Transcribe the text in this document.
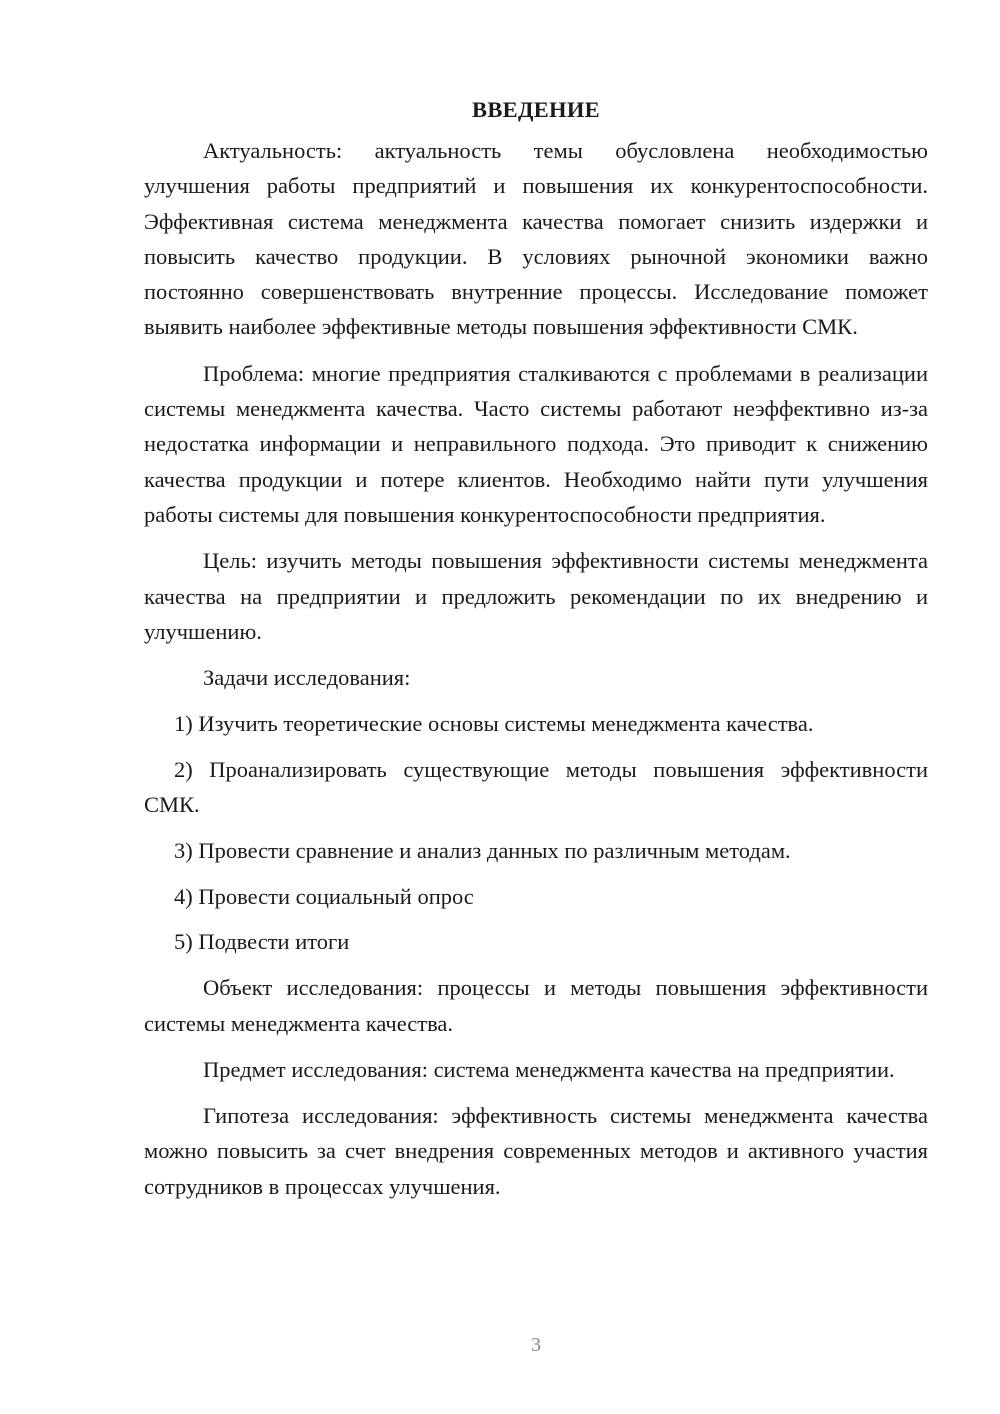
ВВЕДЕНИЕ

Актуальность: актуальность темы обусловлена необходимостью улучшения работы предприятий и повышения их конкурентоспособности. Эффективная система менеджмента качества помогает снизить издержки и повысить качество продукции. В условиях рыночной экономики важно постоянно совершенствовать внутренние процессы. Исследование поможет выявить наиболее эффективные методы повышения эффективности СМК.

Проблема: многие предприятия сталкиваются с проблемами в реализации системы менеджмента качества. Часто системы работают неэффективно из-за недостатка информации и неправильного подхода. Это приводит к снижению качества продукции и потере клиентов. Необходимо найти пути улучшения работы системы для повышения конкурентоспособности предприятия.

Цель: изучить методы повышения эффективности системы менеджмента качества на предприятии и предложить рекомендации по их внедрению и улучшению.

Задачи исследования:

1) Изучить теоретические основы системы менеджмента качества.

2) Проанализировать существующие методы повышения эффективности СМК.

3) Провести сравнение и анализ данных по различным методам.

4) Провести социальный опрос

5) Подвести итоги

Объект исследования: процессы и методы повышения эффективности системы менеджмента качества.

Предмет исследования: система менеджмента качества на предприятии.

Гипотеза исследования: эффективность системы менеджмента качества можно повысить за счет внедрения современных методов и активного участия сотрудников в процессах улучшения.

3
